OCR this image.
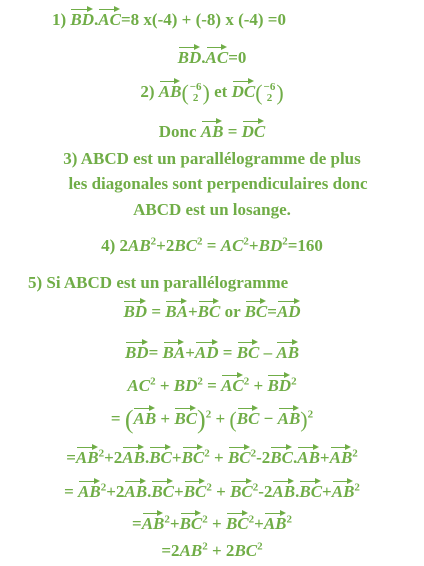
1) BD.AC=8 x(-4) + (-8) x (-4) =0
BD.AC=0
2) AB( −6
2 ) et DC( −6
2 )
Donc AB = DC
3) ABCD est un parallélogramme de plus
les diagonales sont perpendiculaires donc
ABCD est un losange.
4) $2AB^2+2BC^2 = AC^2+BD^2=160$
5) Si ABCD est un parallélogramme
BD = BA+BC or BC=AD
BD= BA+AD = BC – AB
$AC^2 + BD^2 = AC^2 + BD^2$
= (AB + BC)$^2$ + (BC − AB)$^2$
$=AB^2+2AB.BC+BC^2 + BC^2-2BC.AB+AB^2$
= $AB^2+2AB.BC+BC^2 + BC^2-2AB.BC+AB^2$
$=AB^2+BC^2 + BC^2+AB^2$
$=2AB^2 + 2BC^2$
